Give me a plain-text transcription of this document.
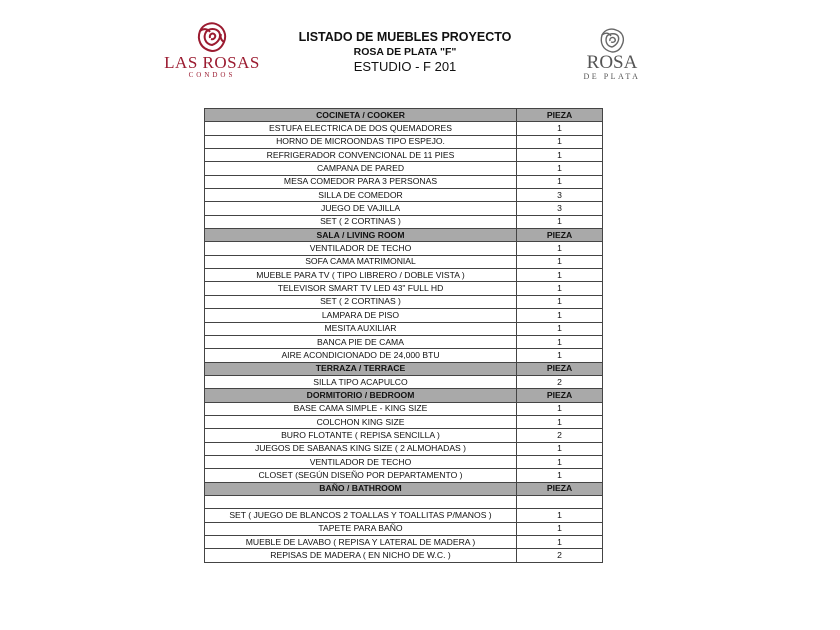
LAS ROSAS
CONDOS
LISTADO DE MUEBLES PROYECTO
ROSA DE PLATA "F"
ESTUDIO - F 201	ROSA
DE PLATA
COCINETA / COOKER	PIEZA
ESTUFA ELECTRICA DE DOS QUEMADORES	1
HORNO DE MICROONDAS TIPO ESPEJO.	1
REFRIGERADOR CONVENCIONAL DE 11 PIES	1
CAMPANA DE PARED	1
MESA COMEDOR PARA 3 PERSONAS	1
SILLA DE COMEDOR	3
JUEGO DE VAJILLA	3
SET ( 2 CORTINAS )	1
SALA / LIVING ROOM	PIEZA
VENTILADOR DE TECHO	1
SOFA CAMA MATRIMONIAL	1
MUEBLE PARA TV ( TIPO LIBRERO / DOBLE VISTA )	1
TELEVISOR SMART TV LED 43" FULL HD	1
SET ( 2 CORTINAS )	1
LAMPARA DE PISO	1
MESITA AUXILIAR	1
BANCA PIE DE CAMA	1
AIRE ACONDICIONADO DE 24,000 BTU	1
TERRAZA / TERRACE	PIEZA
SILLA TIPO ACAPULCO	2
DORMITORIO / BEDROOM	PIEZA
BASE CAMA SIMPLE - KING SIZE	1
COLCHON KING SIZE	1
BURO FLOTANTE ( REPISA SENCILLA )	2
JUEGOS DE SABANAS KING SIZE ( 2 ALMOHADAS )	1
VENTILADOR DE TECHO	1
CLOSET (SEGÚN DISEÑO POR DEPARTAMENTO )	1
BAÑO / BATHROOM	PIEZA

SET ( JUEGO DE BLANCOS 2 TOALLAS Y TOALLITAS P/MANOS )	1
TAPETE PARA BAÑO	1
MUEBLE DE LAVABO ( REPISA Y LATERAL DE MADERA )	1
REPISAS DE MADERA ( EN NICHO DE W.C. )	2
